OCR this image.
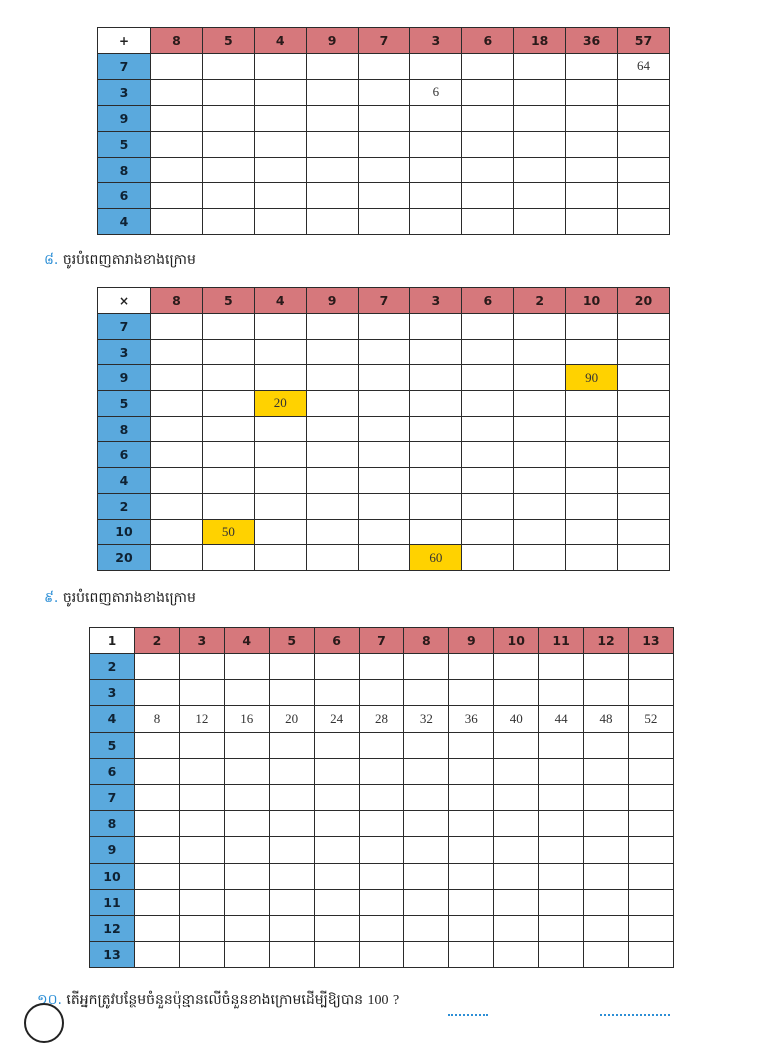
+	8	5	4	9	7	3	6	18	36	57
7										64
3						6				
9										
5										
8										
6										
4										
៨. ចូរបំពេញតារាងខាងក្រោម
×	8	5	4	9	7	3	6	2	10	20
7										
3										
9									90	
5			20							
8										
6										
4										
2										
10		50								
20						60				
៩. ចូរបំពេញតារាងខាងក្រោម
1	2	3	4	5	6	7	8	9	10	11	12	13
2												
3												
4	8	12	16	20	24	28	32	36	40	44	48	52
5												
6												
7												
8												
9												
10												
11												
12												
13												
១០. តើអ្នកត្រូវបន្ថែមចំនួនប៉ុន្មានលើចំនួនខាងក្រោមដើម្បីឱ្យបាន 100 ?
